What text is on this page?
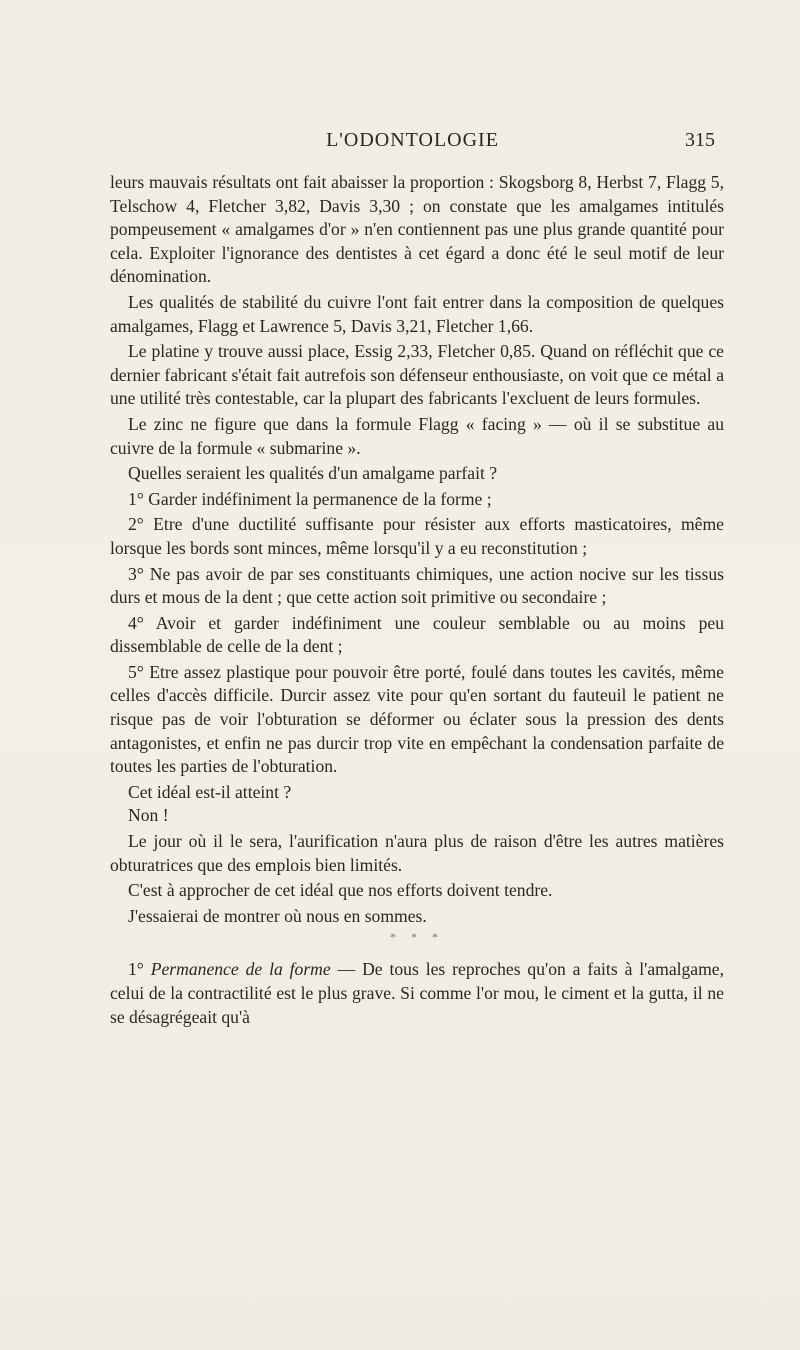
L'ODONTOLOGIE	315

leurs mauvais résultats ont fait abaisser la proportion : Skogsborg 8, Herbst 7, Flagg 5, Telschow 4, Fletcher 3,82, Davis 3,30 ; on constate que les amalgames intitulés pompeusement « amalgames d'or » n'en contiennent pas une plus grande quantité pour cela. Exploiter l'ignorance des dentistes à cet égard a donc été le seul motif de leur dénomination.

Les qualités de stabilité du cuivre l'ont fait entrer dans la composition de quelques amalgames, Flagg et Lawrence 5, Davis 3,21, Fletcher 1,66.

Le platine y trouve aussi place, Essig 2,33, Fletcher 0,85. Quand on réfléchit que ce dernier fabricant s'était fait autrefois son défenseur enthousiaste, on voit que ce métal a une utilité très contestable, car la plupart des fabricants l'excluent de leurs formules.

Le zinc ne figure que dans la formule Flagg « facing » — où il se substitue au cuivre de la formule « submarine ».

Quelles seraient les qualités d'un amalgame parfait ?

1° Garder indéfiniment la permanence de la forme ;

2° Etre d'une ductilité suffisante pour résister aux efforts masticatoires, même lorsque les bords sont minces, même lorsqu'il y a eu reconstitution ;

3° Ne pas avoir de par ses constituants chimiques, une action nocive sur les tissus durs et mous de la dent ; que cette action soit primitive ou secondaire ;

4° Avoir et garder indéfiniment une couleur semblable ou au moins peu dissemblable de celle de la dent ;

5° Etre assez plastique pour pouvoir être porté, foulé dans toutes les cavités, même celles d'accès difficile. Durcir assez vite pour qu'en sortant du fauteuil le patient ne risque pas de voir l'obturation se déformer ou éclater sous la pression des dents antagonistes, et enfin ne pas durcir trop vite en empêchant la condensation parfaite de toutes les parties de l'obturation.

Cet idéal est-il atteint ?

Non !

Le jour où il le sera, l'aurification n'aura plus de raison d'être les autres matières obturatrices que des emplois bien limités.

C'est à approcher de cet idéal que nos efforts doivent tendre.

J'essaierai de montrer où nous en sommes.

* * *

1° Permanence de la forme — De tous les reproches qu'on a faits à l'amalgame, celui de la contractilité est le plus grave. Si comme l'or mou, le ciment et la gutta, il ne se désagrégeait qu'à
